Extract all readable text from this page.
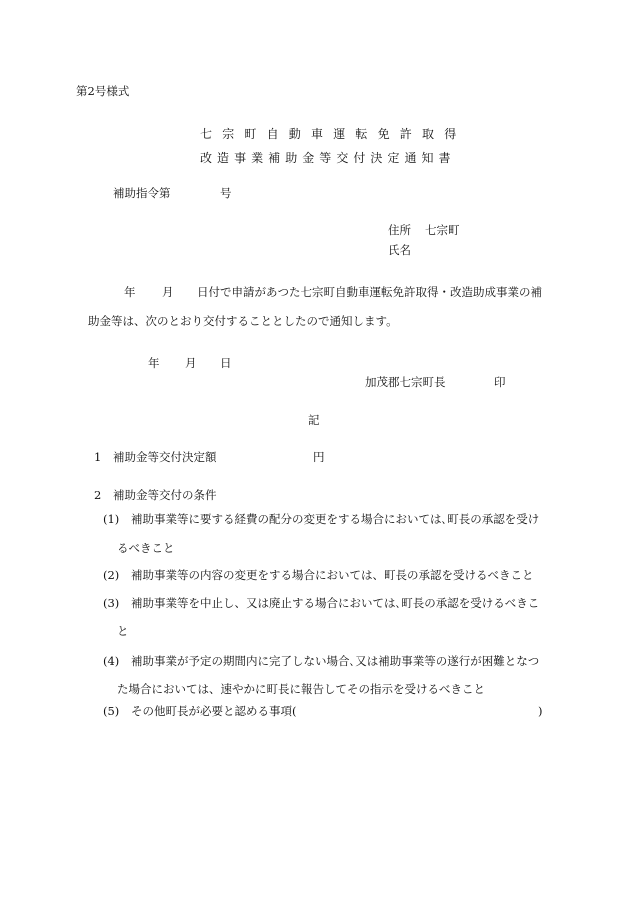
第2号様式
七宗町自動車運転免許取得
改造事業補助金等交付決定通知書
補助指令第	号
住所 七宗町
氏名
年 月 日付で申請があつた七宗町自動車運転免許取得・改造助成事業の補
助金等は、次のとおり交付することとしたので通知します。
年 月 日
加茂郡七宗町長	印
記
1 補助金等交付決定額	円
2 補助金等交付の条件
(1) 補助事業等に要する経費の配分の変更をする場合においては､町長の承認を受け
るべきこと
(2) 補助事業等の内容の変更をする場合においては、町長の承認を受けるべきこと
(3) 補助事業等を中止し、又は廃止する場合においては､町長の承認を受けるべきこ
と
(4) 補助事業が予定の期間内に完了しない場合､又は補助事業等の遂行が困難となつ
た場合においては、速やかに町長に報告してその指示を受けるべきこと
(5) その他町長が必要と認める事項(	)
